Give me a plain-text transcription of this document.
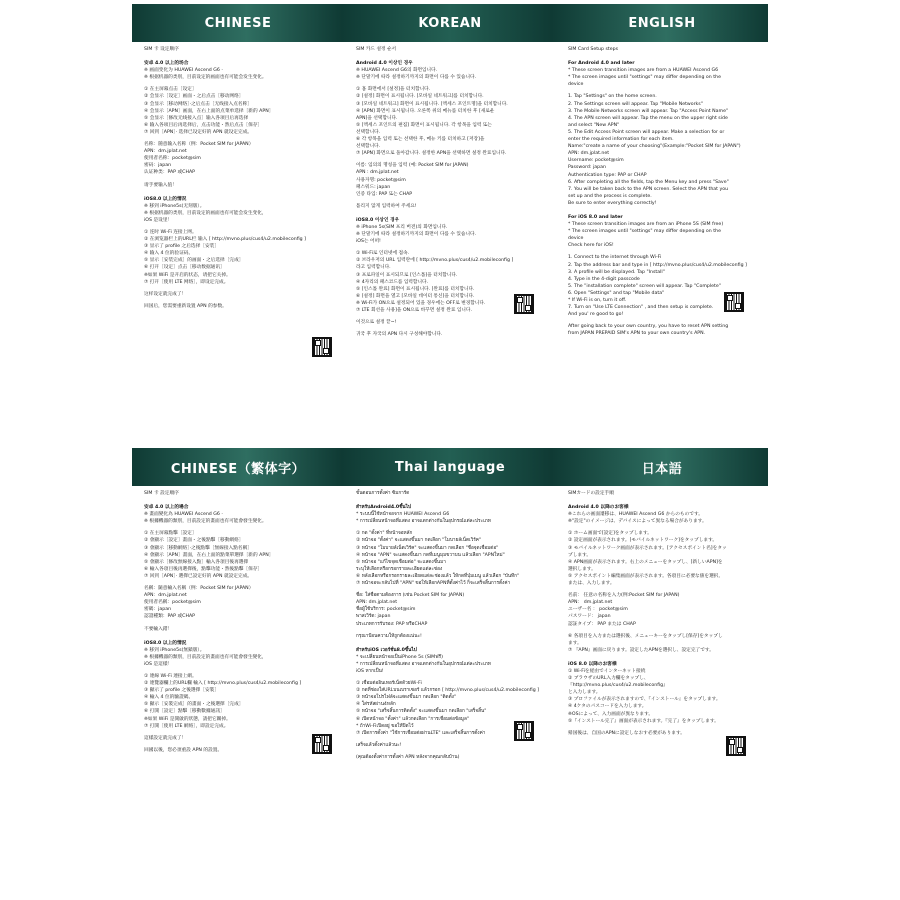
CHINESE	KOREAN	ENGLISH

SIM 卡 设定顺序

安卓 4.0 以上的场合

※ 画面变化为 HUAWEI Ascend G6 ·

※ 根据机器的类别，目前设定的画面也有可能会发生变化。

① 在主屏幕点击［设定］

② 会显示［设定］画面・之后点击［移动网络］

③ 会显示［移动网络］·之后点击［无线接入点名称］

④ 会显示［APN］画面，在右上面的点菜单选择［新的 APN］

⑤ 会显示［修改无线接入点］输入各项目后再选择

⑥ 输入各项目后再选择后，点击功能・然后点击［保存］

⑦ 回到［APN］· 选择已设定好的 APN 就设定完成。

名称：随意输入名称（例：Pocket SIM for JAPAN）

APN：dm.jplat.net

使用者名称：pocket@sim

密码：japan

认证种类：PAP 或CHAP

请手要输入值！

iOS8.0 以上的情况

※ 移到 iPhone5s(无刻版）。

※ 根据机器的类别，目前设定的画面也有可能会发生变化，

iOS 是设里！

① 连时 Wi-Fi 连接上网。

② 在浏览器栏上的URL栏 输入 [ http://mvno.plus/cus4/u2.mobileconfig ]

③ 显示了 profile 之后选择［安装］

④ 输入 4 位的验证码。

⑤ 显示［安装完成］的画面・之后选择［完成］

⑥ 打开［设定］点击［移动数据通讯］

※如果 WiFi 是开启的状态，请把它关掉。

⑦ 打开［使用 LTE 网络］，即设定完成。

这样设定就完成了！

回国后，您需要重新设置 APN 的参数。

SIM 카드 설정 순서

Android 4.0 이상인 경우

※ HUAWEI Ascend G6의 화면입니다.

※ 단말기에 따라 설정하기까지의 화면이 다를 수 있습니다.

① 홈 화면에서 [설정]을 터치합니다.

② [설정] 화면이 표시됩니다. [모바일 네트워크]를 터치합니다.

③ [모바일 네트워크] 화면이 표시됩니다. [액세스 포인트명]을 터치합니다.

④ [APN] 화면이 표시됩니다. 오른쪽 위의 메뉴를 터치한 후 [새로운

APN]을 선택합니다.

⑤ [액세스 포인트의 편집] 화면이 표시됩니다. 각 항목을 입력 또는

선택합니다.

⑥ 각 항목을 입력 또는 선택한 후, 메뉴 키를 터치하고 [저장]을

선택합니다.

⑦ [APN] 화면으로 돌아갑니다. 설정한 APN을 선택하면 설정 완료입니다.

이름: 임의의 명칭을 입력 (예: Pocket SIM for JAPAN)

APN : dm.jplat.net

사용자명: pocket@sim

패스워드: japan

인증 타입: PAP 또는 CHAP

틀리지 않게 입력하여 주세요!

iOS8.0 이상인 경우

※ iPhone 5s(SIM 프리 버전)의 화면입니다.

※ 단말기에 따라 설정하기까지의 화면이 다를 수 있습니다.

iOS는 어떠!

① Wi-Fi로 인터넷에 접속.

② 브라우저의 URL 입력란에 [ http://mvno.plus/cus4/u2.mobileconfig ]

라고 입력합니다.

③ 프로파일이 표시되므로 [인스톨]을 터치합니다.

④ 4자리의 패스코드를 입력합니다.

⑤ [인스톨 완료] 화면이 표시됩니다. [완료]를 터치합니다.

⑥ [설정] 화면을 열고 [모바일 데이터 통신]을 터치합니다.

※ Wi-Fi가 ON으로 설정되어 있을 경우에는 OFF로 변경합니다.

⑦ LTE 회선을 사용]을 ON으로 바꾸면 설정 완료 입니다.

이것으로 설정 끝~!

귀국 후 자국의 APN 다시 구성해야합니다.

SIM Card Setup steps

For Android 4.0 and later

* These screen transition images are from a HUAWEI Ascend G6

* The screen images until "settings" may differ depending on the

device

1. Tap "Settings" on the home screen.

2. The Settings screen will appear. Tap "Mobile Networks"

3. The Mobile Networks screen will appear. Tap "Access Point Name"

4. The APN screen will appear. Tap the menu on the upper right side

and select "New APN"

5. The Edit Access Point screen will appear. Make a selection for or

enter the required information for each item.

Name:"create a name of your choosing"(Example:"Pocket SIM for JAPAN")

APN: dm.jplat.net

Username: pocket@sim

Password: japan

Authentication type: PAP or CHAP

6. After completing all the fields, tap the Menu key and press "Save"

7. You will be taken back to the APN screen. Select the APN that you

set up and the process is complete.

Be sure to enter everything correctly!

For iOS 8.0 and later

* These screen transition images are from an iPhone 5S (SIM free)

* The screen images until "settings" may differ depending on the

device

Check here for iOS!

1. Connect to the internet through Wi-Fi

2. Tap the address bar and type in [ http://mvno.plus/cus4/u2.mobileconfig ]

3. A profile will be displayed. Tap "Install"

4. Type in the 4-digit passcode

5. The "installation complete" screen will appear. Tap "Complete"

6. Open "Settings" and tap "Mobile data"

* If Wi-Fi is on, turn it off.

7. Turn on "Use LTE Connection" , and then setup is complete.

And you' re good to go!

After going back to your own country, you have to reset APN setting

from JAPAN PREPAID SIM's APN to your own country's APN.

CHINESE（繁体字）	Thai language	日本語

SIM 卡 設定順序

安卓 4.0 以上的場合

※ 畫面變化為 HUAWEI Ascend G6 ·

※ 根據機器的類別，目前設定的畫面也有可能會發生變化。

① 在主屏幕點擊［設定］

② 會顯示［設定］畫面・之後點擊［移動網絡］

③ 會顯示［移動網絡］·之後點擊［無線接入點名稱］

④ 會顯示［APN］畫面，在右上面的點菜單選擇［新的 APN］

⑤ 會顯示［修改無線接入點］輸入各項目後再選擇

⑥ 輸入各項目後再選擇後，點擊功能・然後點擊［保存］

⑦ 回到［APN］· 選擇已設定好的 APN 就設定完成。

名稱：隨意輸入名稱（例：Pocket SIM for JAPAN）

APN：dm.jplat.net

使用者名稱：pocket@sim

密碼：japan

認證種類：PAP 或CHAP

不要輸入錯！

iOS8.0 以上的情況

※ 移到 iPhone5s(無鎖版）。

※ 根據機器的類別，目前設定的畫面也有可能會發生變化，

iOS 是這樣！

① 連線 Wi-Fi 連接上網。

② 連覽器欄上的URL欄 輸入 [ http://mvno.plus/cus4/u2.mobileconfig ]

③ 顯示了 profile 之後選擇［安裝］

④ 輸入 4 位的驗證碼。

⑤ 顯示［安裝完成］的畫面・之後選擇［完成］

⑥ 打開［設定］點擊［移動數據通訊］

※如果 WiFi 是開啟的狀態，請把它關掉。

⑦ 打開［使用 LTE 網絡］，即設定完成。

這樣設定就完成了！

回國以後，您必須重設 APN 的設置。

ขั้นตอนการตั้งค่า ซิมการ์ด

สำหรับAndroid4.0ขึ้นไป

* ระบบนี้ใช้หน้าจอจาก HUAWEI Ascend G6

* การเปลี่ยนหน้าจอที่แสดง อาจแตกต่างกันในอุปกรณ์แต่ละประเภท

① กด "ตั้งค่า" ที่หน้าจอหลัก

② หน้าจอ "ตั้งค่า" จะแสดงขึ้นมา กดเลือก "โมบายล์เน็ตเวิร์ค"

③ หน้าจอ "โมบายล์เน็ตเวิร์ค" จะแสดงขึ้นมา กดเลือก "ชื่อจุดเชื่อมต่อ"

④ หน้าจอ "APN" จะแสดงขึ้นมา กดที่เมนูมุมขวาบน แล้วเลือก "APNใหม่"

⑤ หน้าจอ "แก้ไขจุดเชื่อมต่อ" จะแสดงขึ้นมา

ระบุให้เลือกหรือกรอกรายละเอียดแต่ละช่อง

⑥ หลังเลือกหรือกรอกรายละเอียดแต่ละช่องแล้ว ให้กดที่ปุ่มเมนู แล้วเลือก "บันทึก"

⑦ หน้าจอจะกลับไปที่ "APN" ขอให้เลือกAPNที่ตั้งค่าไว้ ก็จะเสร็จสิ้นการตั้งค่า

ชื่อ: ใส่ชื่อตามต้องการ (เช่น Pocket SIM for JAPAN)

APN: dm.jplat.net

ชื่อผู้ใช้บริการ: pocket@sim

พาสเวิร์ด: japan

ประเภทการรับรอง: PAP หรือCHAP

กรุณาป้อนความให้ถูกต้องแน่นะ!

สำหรับiOS เวอร์ชั่น8.0ขึ้นไป

* จะเปลี่ยนหน้าจอเป็นiPhone 5s (SIMฟรี)

* การเปลี่ยนหน้าจอที่แสดง อาจแตกต่างกันในอุปกรณ์แต่ละประเภท

iOS หากเป็น!

① เชื่อมต่ออินเทอร์เน็ตด้วยWi-Fi

② กดที่ช่องใส่URLบนเบราเซอร์ แล้วกรอก [ http://mvno.plus/cus4/u2.mobileconfig ]

③ หน้าจอโปรไฟล์จะแสดงขึ้นมา กดเลือก "ติดตั้ง"

④ ใส่รหัสผ่าน4หลัก

⑤ หน้าจอ "เสร็จสิ้นการติดตั้ง" จะแสดงขึ้นมา กดเลือก "เสร็จสิ้น"

⑥ เปิดหน้าจอ "ตั้งค่า" แล้วกดเลือก "การเชื่อมต่อข้อมูล"

* ถ้าWi-Fiเปิดอยู่ ขอให้ปิดไว้

⑦ เปิดการตั้งค่า "ใช้การเชื่อมต่อผ่านLTE" และเสร็จสิ้นการตั้งค่า

เสร็จแล้วตั้งค่าแล้วนะ!

(คุณต้องตั้งค่าการตั้งค่า APN หลังจากคุณกลับบ้าน)

SIMカードの設定手順

Android 4.0 以降のお客様

※これらの画面遷移は、HUAWEI Ascend G6 からのものです。

※"設定"のイメージは、デバイスによって異なる場合があります。

① ホーム画面で[設定]をタップします。

② 設定画面が表示されます。[モバイルネットワーク]をタップします。

③ モバイルネットワーク画面が表示されます。[アクセスポイント名]をタッ

プします。

④ APN画面が表示されます。右上のメニューをタップし、[新しいAPN]を

選択します。

⑤ アクセスポイント編集画面が表示されます。各項目に必要な値を選択、

または、入力します。

名前： 任意の名称を入力(例:Pocket SIM for JAPAN)

APN： dm.jplat.net

ユーザー名 ： pocket@sim

パスワード： japan

認証タイプ： PAP または CHAP

⑥ 各項目を入力または選択後、メニューキーをタップし[保存]をタップし

ます。

⑦ 『APN』画面に戻ります。設定したAPNを選択し、設定完了です。

iOS 8.0 以降のお客様

① Wi-Fiを経由でインターネット接続

② ブラウザのURL入力欄をタップし、

『http://mvno.plus/cus4/u2.mobileconfig』

と入力します。

③ プロファイルが表示されますので、『インストール』をタップします。

④ 4ケタのパスコードを入力します。

※OSによって、入力画面が異なります。

⑤『インストール完了』画面が表示されます。『完了』をタップします。

帰国後は、自国のAPNに設定しなおす必要があります。
